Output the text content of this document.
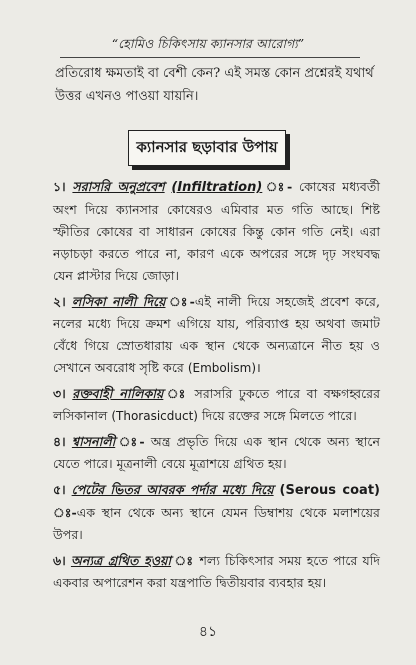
“হোমিও চিকিৎসায় ক্যানসার আরোগ্য”
প্রতিরোধ ক্ষমতাই বা বেশী কেন? এই সমস্ত কোন প্রশ্নেরই যথার্থ উত্তর এখনও পাওয়া যায়নি।
ক্যানসার ছড়াবার উপায়

১। সরাসরি অনুপ্রবেশ (Infiltration) ঃ- কোষের মধ্যবর্তী অংশ দিয়ে ক্যানসার কোষেরও এমিবার মত গতি আছে। শিষ্ট স্ফীতির কোষের বা সাধারন কোষের কিন্তু কোন গতি নেই। এরা নড়াচড়া করতে পারে না, কারণ একে অপরের সঙ্গে দৃঢ় সংঘবদ্ধ যেন প্লাস্টার দিয়ে জোড়া।

২। লসিকা নালী দিয়ে ঃ-এই নালী দিয়ে সহজেই প্রবেশ করে, নলের মধ্যে দিয়ে ক্রমশ এগিয়ে যায়, পরিব্যাপ্ত হয় অথবা জমাট বেঁধে গিয়ে স্রোতধারায় এক স্থান থেকে অন্যত্রানে নীত হয় ও সেখানে অবরোধ সৃষ্টি করে (Embolism)।

৩। রক্তবাহী নালিকায় ঃ সরাসরি ঢুকতে পারে বা বক্ষগহ্বরের লসিকানাল (Thorasicduct) দিয়ে রক্তের সঙ্গে মিলতে পারে।

৪। শ্বাসনালী ঃ- অন্ত্র প্রভৃতি দিয়ে এক স্থান থেকে অন্য স্থানে যেতে পারে। মূত্রনালী বেয়ে মূত্রাশয়ে গ্রথিত হয়।

৫। পেটের ভিতর আবরক পর্দার মধ্যে দিয়ে (Serous coat) ঃ-এক স্থান থেকে অন্য স্থানে যেমন ডিম্বাশয় থেকে মলাশয়ের উপর।

৬। অন্যত্র গ্রথিত হওয়া ঃ শল্য চিকিৎসার সময় হতে পারে যদি একবার অপারেশন করা যন্ত্রপাতি দ্বিতীয়বার ব্যবহার হয়।

৪১
